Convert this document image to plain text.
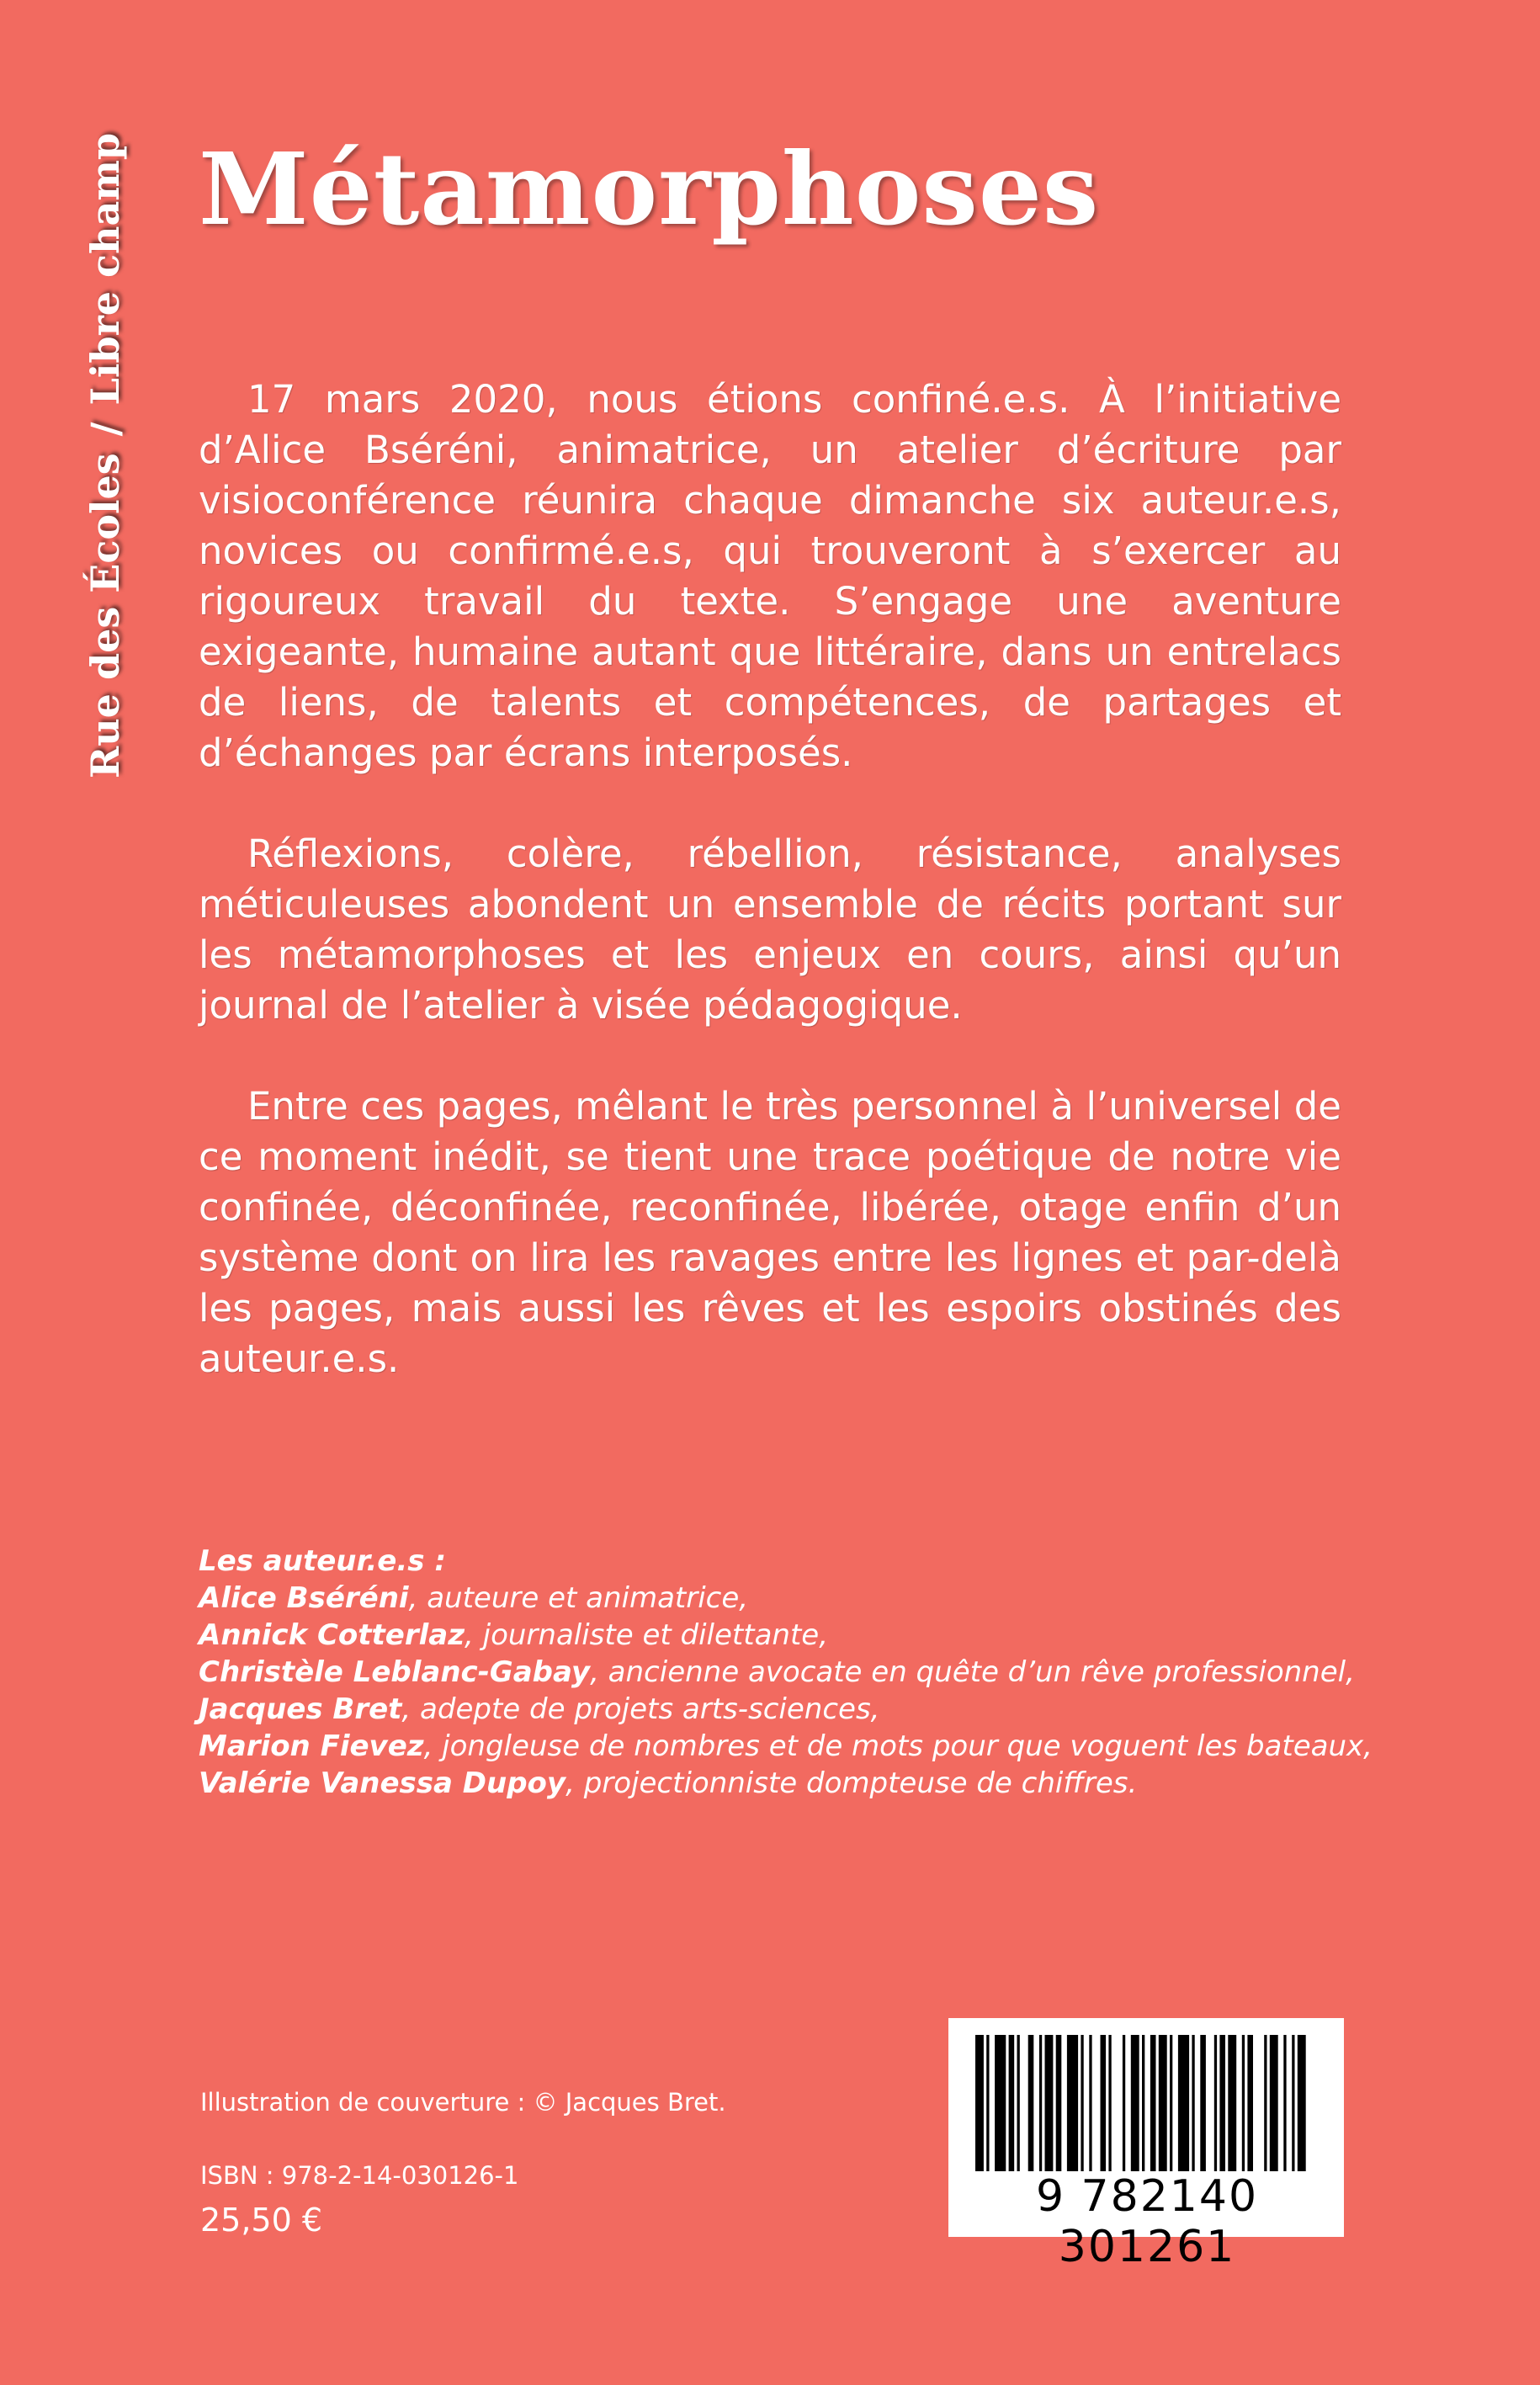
Rue des Écoles
/
Libre champ Métamorphoses

17 mars 2020, nous étions confiné.e.s. À l’initiative d’Alice Bséréni, animatrice, un atelier d’écriture par visioconférence réunira chaque dimanche six auteur.e.s, novices ou confirmé.e.s, qui trouveront à s’exercer au rigoureux travail du texte. S’engage une aventure exigeante, humaine autant que littéraire, dans un entrelacs de liens, de talents et compétences, de partages et d’échanges par écrans interposés.

Réflexions, colère, rébellion, résistance, analyses méticuleuses abondent un ensemble de récits portant sur les métamorphoses et les enjeux en cours, ainsi qu’un journal de l’atelier à visée pédagogique.

Entre ces pages, mêlant le très personnel à l’universel de ce moment inédit, se tient une trace poétique de notre vie confinée, déconfinée, reconfinée, libérée, otage enfin d’un système dont on lira les ravages entre les lignes et par-delà les pages, mais aussi les rêves et les espoirs obstinés des auteur.e.s.

Les auteur.e.s :
Alice Bséréni, auteure et animatrice,
Annick Cotterlaz, journaliste et dilettante,
Christèle Leblanc-Gabay, ancienne avocate en quête d’un rêve professionnel,
Jacques Bret, adepte de projets arts-sciences,
Marion Fievez, jongleuse de nombres et de mots pour que voguent les bateaux,
Valérie Vanessa Dupoy, projectionniste dompteuse de chiffres.
Illustration de couverture : © Jacques Bret.
ISBN : 978-2-14-030126-1
25,50 €	9 782140 301261
